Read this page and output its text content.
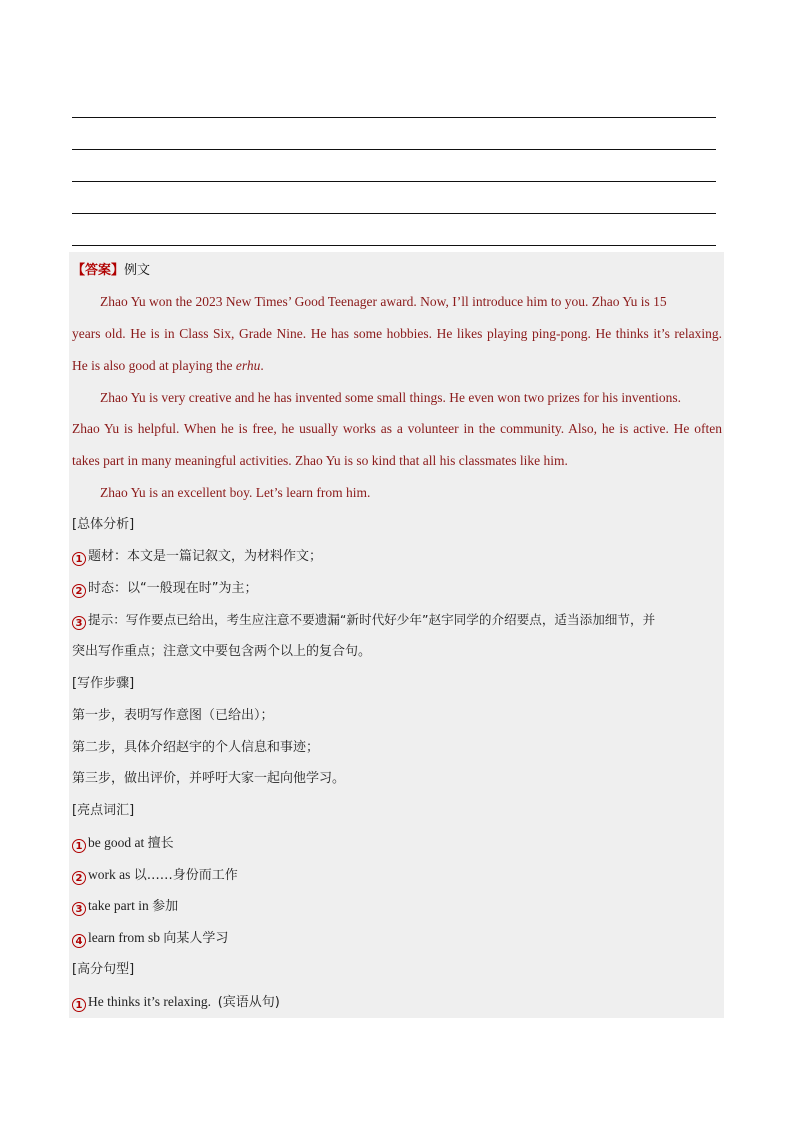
【答案】例文
Zhao Yu won the 2023 New Times’ Good Teenager award. Now, I’ll introduce him to you. Zhao Yu is 15
years old. He is in Class Six, Grade Nine. He has some hobbies. He likes playing ping-pong. He thinks it’s relaxing.
He is also good at playing the erhu.
Zhao Yu is very creative and he has invented some small things. He even won two prizes for his inventions.
Zhao Yu is helpful. When he is free, he usually works as a volunteer in the community. Also, he is active. He often
takes part in many meaningful activities. Zhao Yu is so kind that all his classmates like him.
Zhao Yu is an excellent boy. Let’s learn from him.
[总体分析]
1 题材：本文是一篇记叙文，为材料作文；
2 时态：以“一般现在时”为主；
3 提示：写作要点已给出，考生应注意不要遗漏“新时代好少年”赵宇同学的介绍要点，适当添加细节，并
突出写作重点；注意文中要包含两个以上的复合句。
[写作步骤]
第一步，表明写作意图（已给出）；
第二步，具体介绍赵宇的个人信息和事迹；
第三步，做出评价，并呼吁大家一起向他学习。
[亮点词汇]
1 be good at 擅长
2 work as 以……身份而工作
3 take part in 参加
4 learn from sb 向某人学习
[高分句型]
1 He thinks it’s relaxing.  (宾语从句)
